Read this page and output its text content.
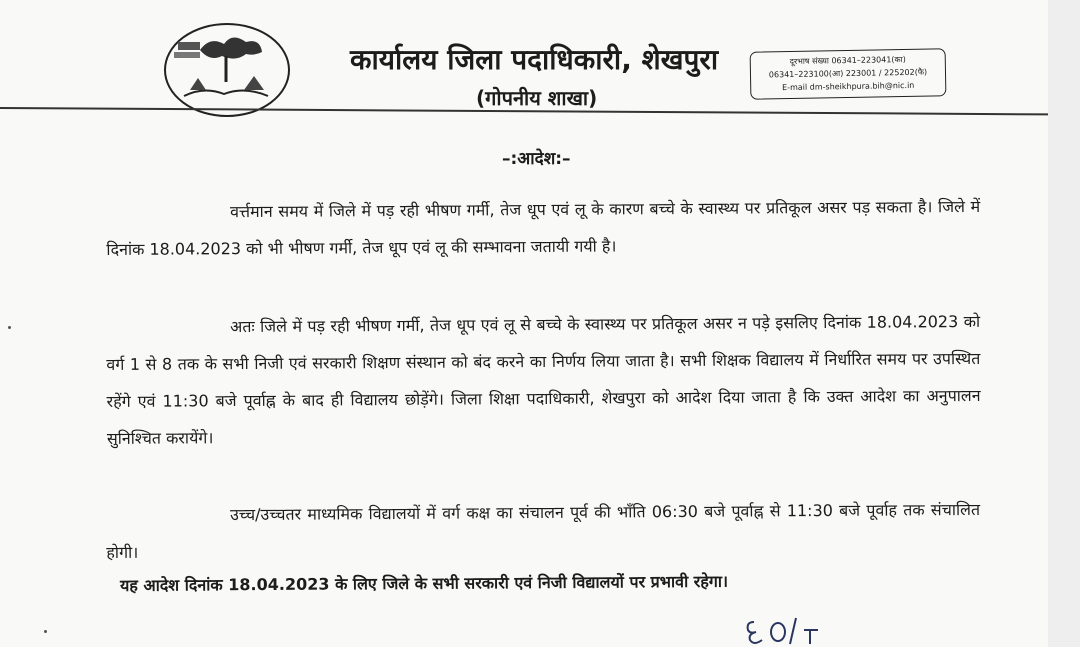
कार्यालय जिला पदाधिकारी, शेखपुरा
(गोपनीय शाखा)
दूरभाष संख्या 06341–223041(का)
06341–223100(आ) 223001 / 225202(फै)
E-mail dm-sheikhpura.bih@nic.in
–:आदेश:–
वर्त्तमान समय में जिले में पड़ रही भीषण गर्मी, तेज धूप एवं लू के कारण बच्चे के स्वास्थ्य पर प्रतिकूल असर पड़ सकता है। जिले में दिनांक 18.04.2023 को भी भीषण गर्मी, तेज धूप एवं लू की सम्भावना जतायी गयी है।
अतः जिले में पड़ रही भीषण गर्मी, तेज धूप एवं लू से बच्चे के स्वास्थ्य पर प्रतिकूल असर न पड़े इसलिए दिनांक 18.04.2023 को वर्ग 1 से 8 तक के सभी निजी एवं सरकारी शिक्षण संस्थान को बंद करने का निर्णय लिया जाता है। सभी शिक्षक विद्यालय में निर्धारित समय पर उपस्थित रहेंगे एवं 11:30 बजे पूर्वाह्न के बाद ही विद्यालय छोड़ेंगे। जिला शिक्षा पदाधिकारी, शेखपुरा को आदेश दिया जाता है कि उक्त आदेश का अनुपालन सुनिश्चित करायेंगे।
उच्च/उच्चतर माध्यमिक विद्यालयों में वर्ग कक्ष का संचालन पूर्व की भाँति 06:30 बजे पूर्वाह्न से 11:30 बजे पूर्वाह तक संचालित होगी।
यह आदेश दिनांक 18.04.2023 के लिए जिले के सभी सरकारी एवं निजी विद्यालयों पर प्रभावी रहेगा।
